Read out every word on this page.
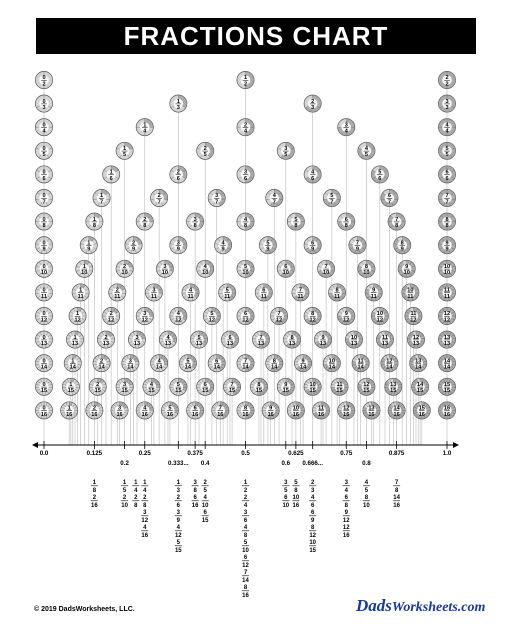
FRACTIONS CHART
0
2
1
2
2
2
0
3
1
3
2
3
3
3
0
4
1
4
2
4
3
4
4
4
0
5
1
5
2
5
3
5
4
5
5
5
0
6
1
6
2
6
3
6
4
6
5
6
6
6
0
7
1
7
2
7
3
7
4
7
5
7
6
7
7
7
0
8
1
8
2
8
3
8
4
8
5
8
6
8
7
8
8
8
0
9
1
9
2
9
3
9
4
9
5
9
6
9
7
9
8
9
9
9
0
10
1
10
2
10
3
10
4
10
5
10
6
10
7
10
8
10
9
10
10
10
0
11
1
11
2
11
3
11
4
11
5
11
6
11
7
11
8
11
9
11
10
11
11
11
0
12
1
12
2
12
3
12
4
12
5
12
6
12
7
12
8
12
9
12
10
12
11
12
12
12
0
13
1
13
2
13
3
13
4
13
5
13
6
13
7
13
8
13
9
13
10
13
11
13
12
13
13
13
0
14
1
14
2
14
3
14
4
14
5
14
6
14
7
14
8
14
9
14
10
14
11
14
12
14
13
14
14
14
0
15
1
15
2
15
3
15
4
15
5
15
6
15
7
15
8
15
9
15
10
15
11
15
12
15
13
15
14
15
15
15
0
16
1
16
2
16
3
16
4
16
5
16
6
16
7
16
8
16
9
16
10
16
11
16
12
16
13
16
14
16
15
16
16
16
0.0	0.125
0.2
0.25
0.333...
0.375
0.4
0.5
0.6
0.625
0.666...
0.75
0.8
0.875	1.0
1
8
2
16
1
5
2
10
1
4
2
8
1
4
2
8
3
12
4
16
1
3
2
6
3
9
4
12
5
15
3
8
6
16
2
5
4
10
6
15
1
2
2
4
3
6
4
8
5
10
6
12
7
14
8
16
3
5
6
10
5
8
10
16
2
3
4
6
6
9
8
12
10
15
3
4
6
8
9
12
12
16
4
5
8
10
7
8
14
16
© 2019 DadsWorksheets, LLC.	DadsWorksheets.com
